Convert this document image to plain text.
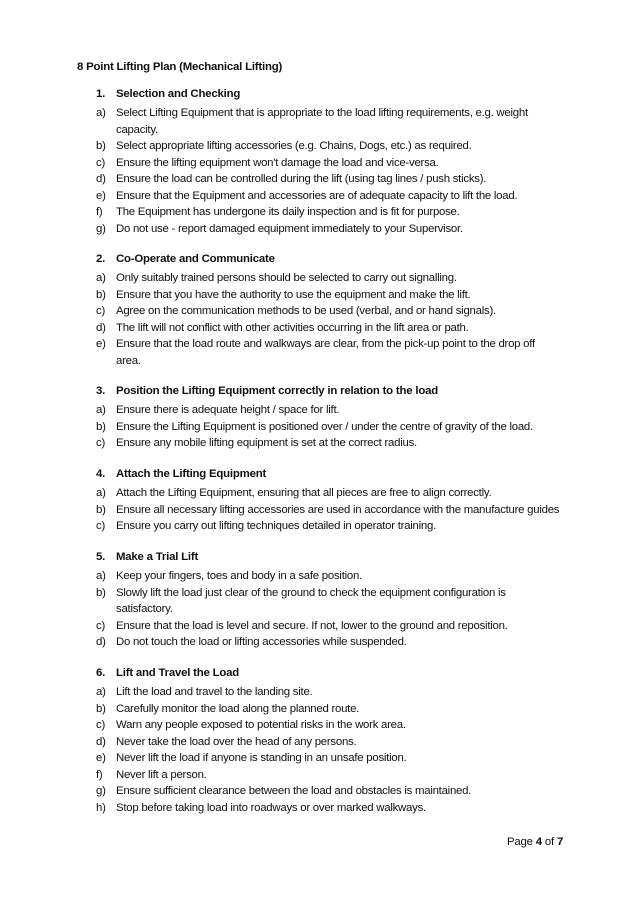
8 Point Lifting Plan (Mechanical Lifting)
1. Selection and Checking
a) Select Lifting Equipment that is appropriate to the load lifting requirements, e.g. weight capacity.
b) Select appropriate lifting accessories (e.g. Chains, Dogs, etc.) as required.
c) Ensure the lifting equipment won't damage the load and vice-versa.
d) Ensure the load can be controlled during the lift (using tag lines / push sticks).
e) Ensure that the Equipment and accessories are of adequate capacity to lift the load.
f) The Equipment has undergone its daily inspection and is fit for purpose.
g) Do not use - report damaged equipment immediately to your Supervisor.
2. Co-Operate and Communicate
a) Only suitably trained persons should be selected to carry out signalling.
b) Ensure that you have the authority to use the equipment and make the lift.
c) Agree on the communication methods to be used (verbal, and or hand signals).
d) The lift will not conflict with other activities occurring in the lift area or path.
e) Ensure that the load route and walkways are clear, from the pick-up point to the drop off area.
3. Position the Lifting Equipment correctly in relation to the load
a) Ensure there is adequate height / space for lift.
b) Ensure the Lifting Equipment is positioned over / under the centre of gravity of the load.
c) Ensure any mobile lifting equipment is set at the correct radius.
4. Attach the Lifting Equipment
a) Attach the Lifting Equipment, ensuring that all pieces are free to align correctly.
b) Ensure all necessary lifting accessories are used in accordance with the manufacture guides
c) Ensure you carry out lifting techniques detailed in operator training.
5. Make a Trial Lift
a) Keep your fingers, toes and body in a safe position.
b) Slowly lift the load just clear of the ground to check the equipment configuration is satisfactory.
c) Ensure that the load is level and secure. If not, lower to the ground and reposition.
d) Do not touch the load or lifting accessories while suspended.
6. Lift and Travel the Load
a) Lift the load and travel to the landing site.
b) Carefully monitor the load along the planned route.
c) Warn any people exposed to potential risks in the work area.
d) Never take the load over the head of any persons.
e) Never lift the load if anyone is standing in an unsafe position.
f) Never lift a person.
g) Ensure sufficient clearance between the load and obstacles is maintained.
h) Stop before taking load into roadways or over marked walkways.
Page 4 of 7
